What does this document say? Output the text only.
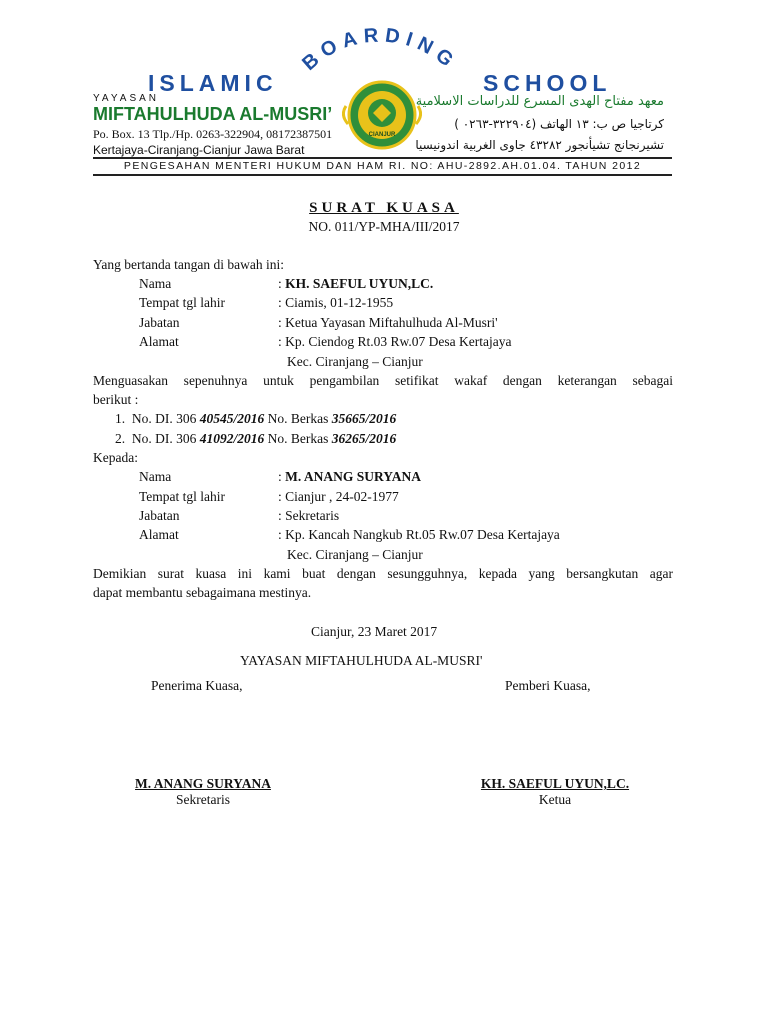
ISLAMIC
BOARDING
SCHOOL
YAYASAN
MIFTAHULHUDA AL-MUSRI’
Po. Box. 13 Tlp./Hp. 0263-322904, 08172387501
Kertajaya-Ciranjang-Cianjur Jawa Barat
CIANJUR
معهد مفتاح الهدى المسرع للدراسات الاسلامية
كرتاجيا ص ب: ١٣ الهاتف (٣٢٢٩٠٤-٠٢٦٣ )
تشيرنجانج تشيأنجور ٤٣٢٨٢ جاوى الغربية اندونيسيا
PENGESAHAN MENTERI HUKUM DAN HAM RI. NO: AHU-2892.AH.01.04. TAHUN 2012
SURAT KUASA
NO. 011/YP-MHA/III/2017
Yang bertanda tangan di bawah ini:
Nama	: KH. SAEFUL UYUN,LC.
Tempat tgl lahir	: Ciamis, 01-12-1955
Jabatan	: Ketua Yayasan Miftahulhuda Al-Musri'
Alamat	: Kp. Ciendog Rt.03 Rw.07 Desa Kertajaya
Kec. Ciranjang – Cianjur
Menguasakan sepenuhnya untuk pengambilan setifikat wakaf dengan keterangan sebagai
berikut :
1. No. DI. 306 40545/2016 No. Berkas 35665/2016
2. No. DI. 306 41092/2016 No. Berkas 36265/2016
Kepada:
Nama	: M. ANANG SURYANA
Tempat tgl lahir	: Cianjur , 24-02-1977
Jabatan	: Sekretaris
Alamat	: Kp. Kancah Nangkub Rt.05 Rw.07 Desa Kertajaya
Kec. Ciranjang – Cianjur
Demikian surat kuasa ini kami buat dengan sesungguhnya, kepada yang bersangkutan agar
dapat membantu sebagaimana mestinya.
Cianjur, 23 Maret 2017
YAYASAN MIFTAHULHUDA AL-MUSRI'
Penerima Kuasa,	Pemberi Kuasa,
M. ANANG SURYANA
Sekretaris
KH. SAEFUL UYUN,LC.
Ketua
